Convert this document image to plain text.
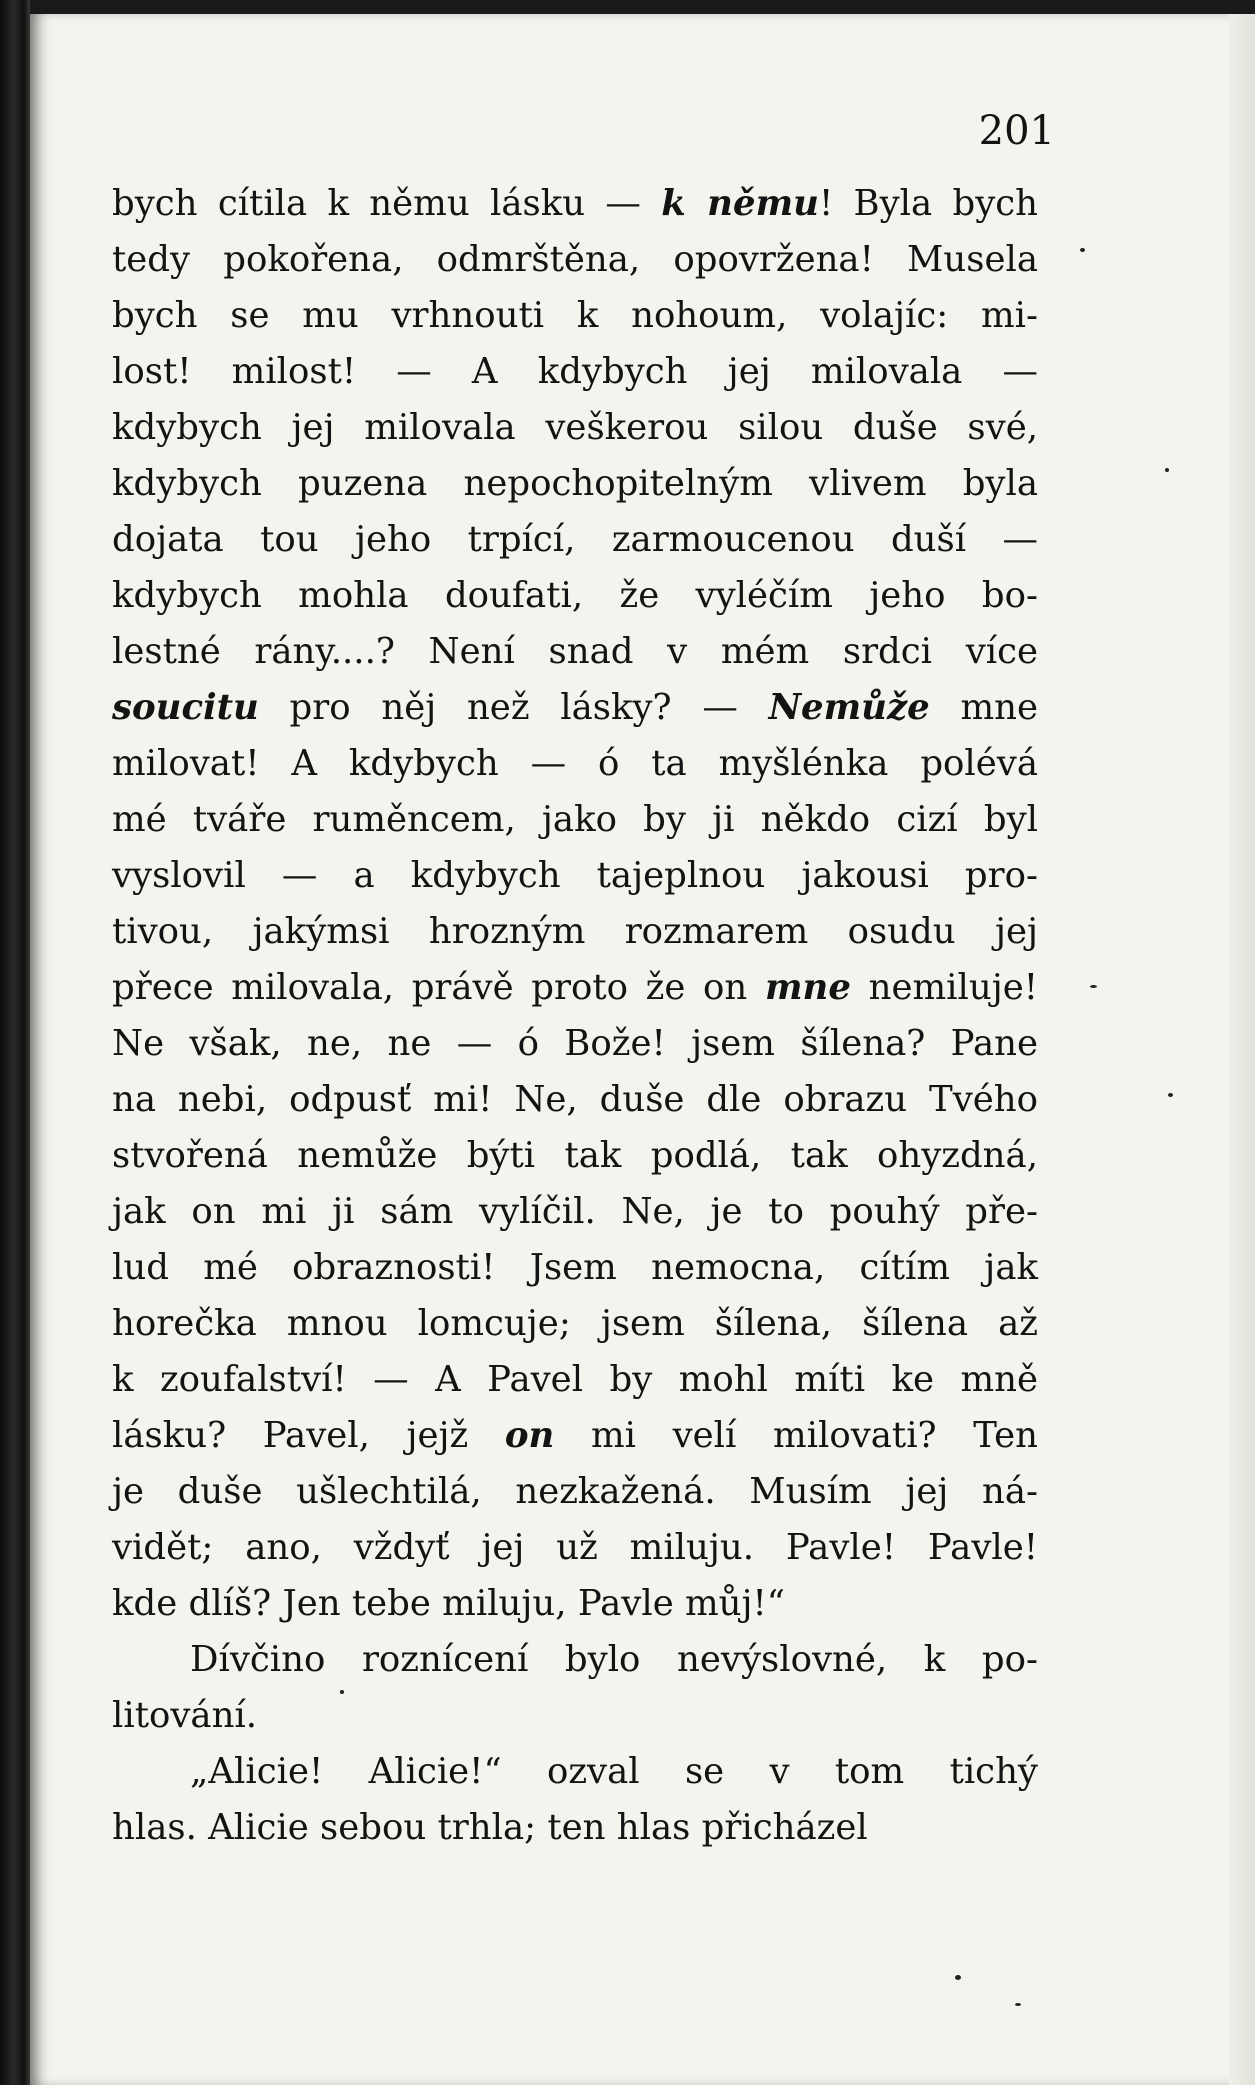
201
bych cítila k němu lásku — k němu! Byla bych
tedy pokořena, odmrštěna, opovržena! Musela
bych se mu vrhnouti k nohoum, volajíc: mi-
lost! milost! — A kdybych jej milovala —
kdybych jej milovala veškerou silou duše své,
kdybych puzena nepochopitelným vlivem byla
dojata tou jeho trpící, zarmoucenou duší —
kdybych mohla doufati, že vyléčím jeho bo-
lestné rány....? Není snad v mém srdci více
soucitu pro něj než lásky? — Nemůže mne
milovat! A kdybych — ó ta myšlénka polévá
mé tváře ruměncem, jako by ji někdo cizí byl
vyslovil — a kdybych tajeplnou jakousi pro-
tivou, jakýmsi hrozným rozmarem osudu jej
přece milovala, právě proto že on mne nemiluje!
Ne však, ne, ne — ó Bože! jsem šílena? Pane
na nebi, odpusť mi! Ne, duše dle obrazu Tvého
stvořená nemůže býti tak podlá, tak ohyzdná,
jak on mi ji sám vylíčil. Ne, je to pouhý pře-
lud mé obraznosti! Jsem nemocna, cítím jak
horečka mnou lomcuje; jsem šílena, šílena až
k zoufalství! — A Pavel by mohl míti ke mně
lásku? Pavel, jejž on mi velí milovati? Ten
je duše ušlechtilá, nezkažená. Musím jej ná-
vidět; ano, vždyť jej už miluju. Pavle! Pavle!
kde dlíš? Jen tebe miluju, Pavle můj!“
Dívčino roznícení bylo nevýslovné, k po-
litování.
„Alicie! Alicie!“ ozval se v tom tichý
hlas. Alicie sebou trhla; ten hlas přicházel
